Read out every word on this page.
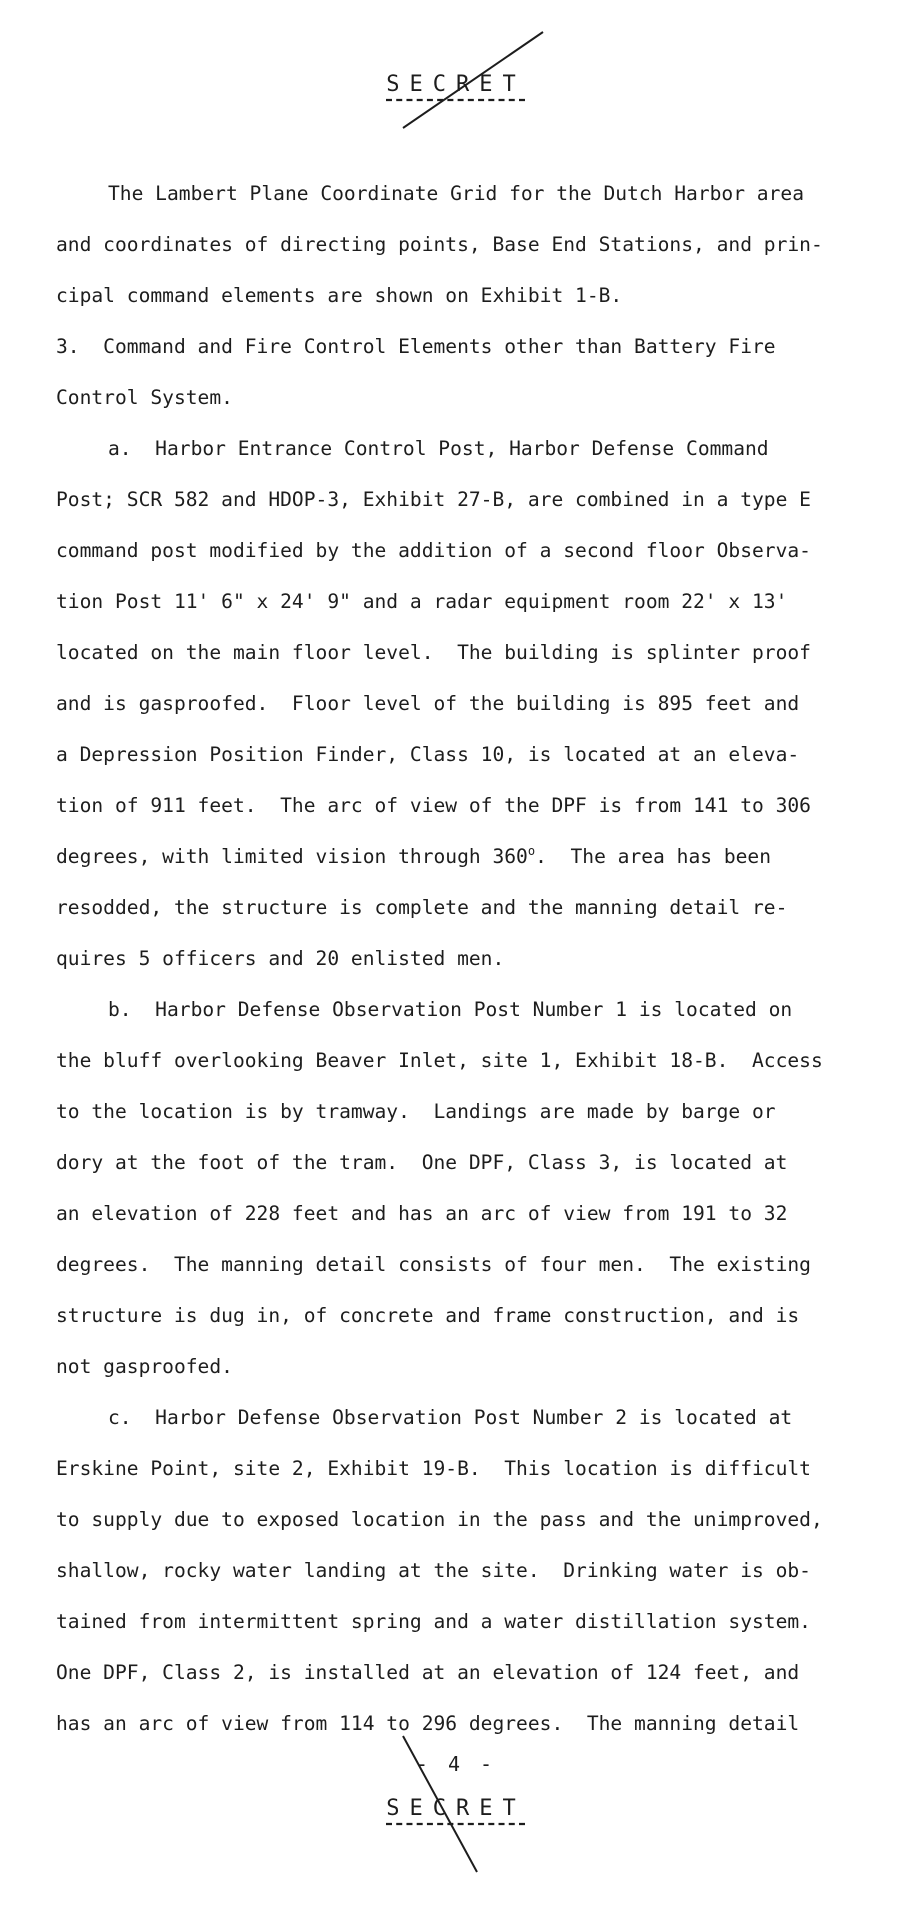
SECRET
The Lambert Plane Coordinate Grid for the Dutch Harbor area
and coordinates of directing points, Base End Stations, and prin-
cipal command elements are shown on Exhibit 1-B.
3.  Command and Fire Control Elements other than Battery Fire
Control System.
a.  Harbor Entrance Control Post, Harbor Defense Command
Post; SCR 582 and HDOP-3, Exhibit 27-B, are combined in a type E
command post modified by the addition of a second floor Observa-
tion Post 11' 6" x 24' 9" and a radar equipment room 22' x 13'
located on the main floor level.  The building is splinter proof
and is gasproofed.  Floor level of the building is 895 feet and
a Depression Position Finder, Class 10, is located at an eleva-
tion of 911 feet.  The arc of view of the DPF is from 141 to 306
degrees, with limited vision through 360$^o$.  The area has been
resodded, the structure is complete and the manning detail re-
quires 5 officers and 20 enlisted men.
b.  Harbor Defense Observation Post Number 1 is located on
the bluff overlooking Beaver Inlet, site 1, Exhibit 18-B.  Access
to the location is by tramway.  Landings are made by barge or
dory at the foot of the tram.  One DPF, Class 3, is located at
an elevation of 228 feet and has an arc of view from 191 to 32
degrees.  The manning detail consists of four men.  The existing
structure is dug in, of concrete and frame construction, and is
not gasproofed.
c.  Harbor Defense Observation Post Number 2 is located at
Erskine Point, site 2, Exhibit 19-B.  This location is difficult
to supply due to exposed location in the pass and the unimproved,
shallow, rocky water landing at the site.  Drinking water is ob-
tained from intermittent spring and a water distillation system.
One DPF, Class 2, is installed at an elevation of 124 feet, and
has an arc of view from 114 to 296 degrees.  The manning detail
- 4 -
SECRET
